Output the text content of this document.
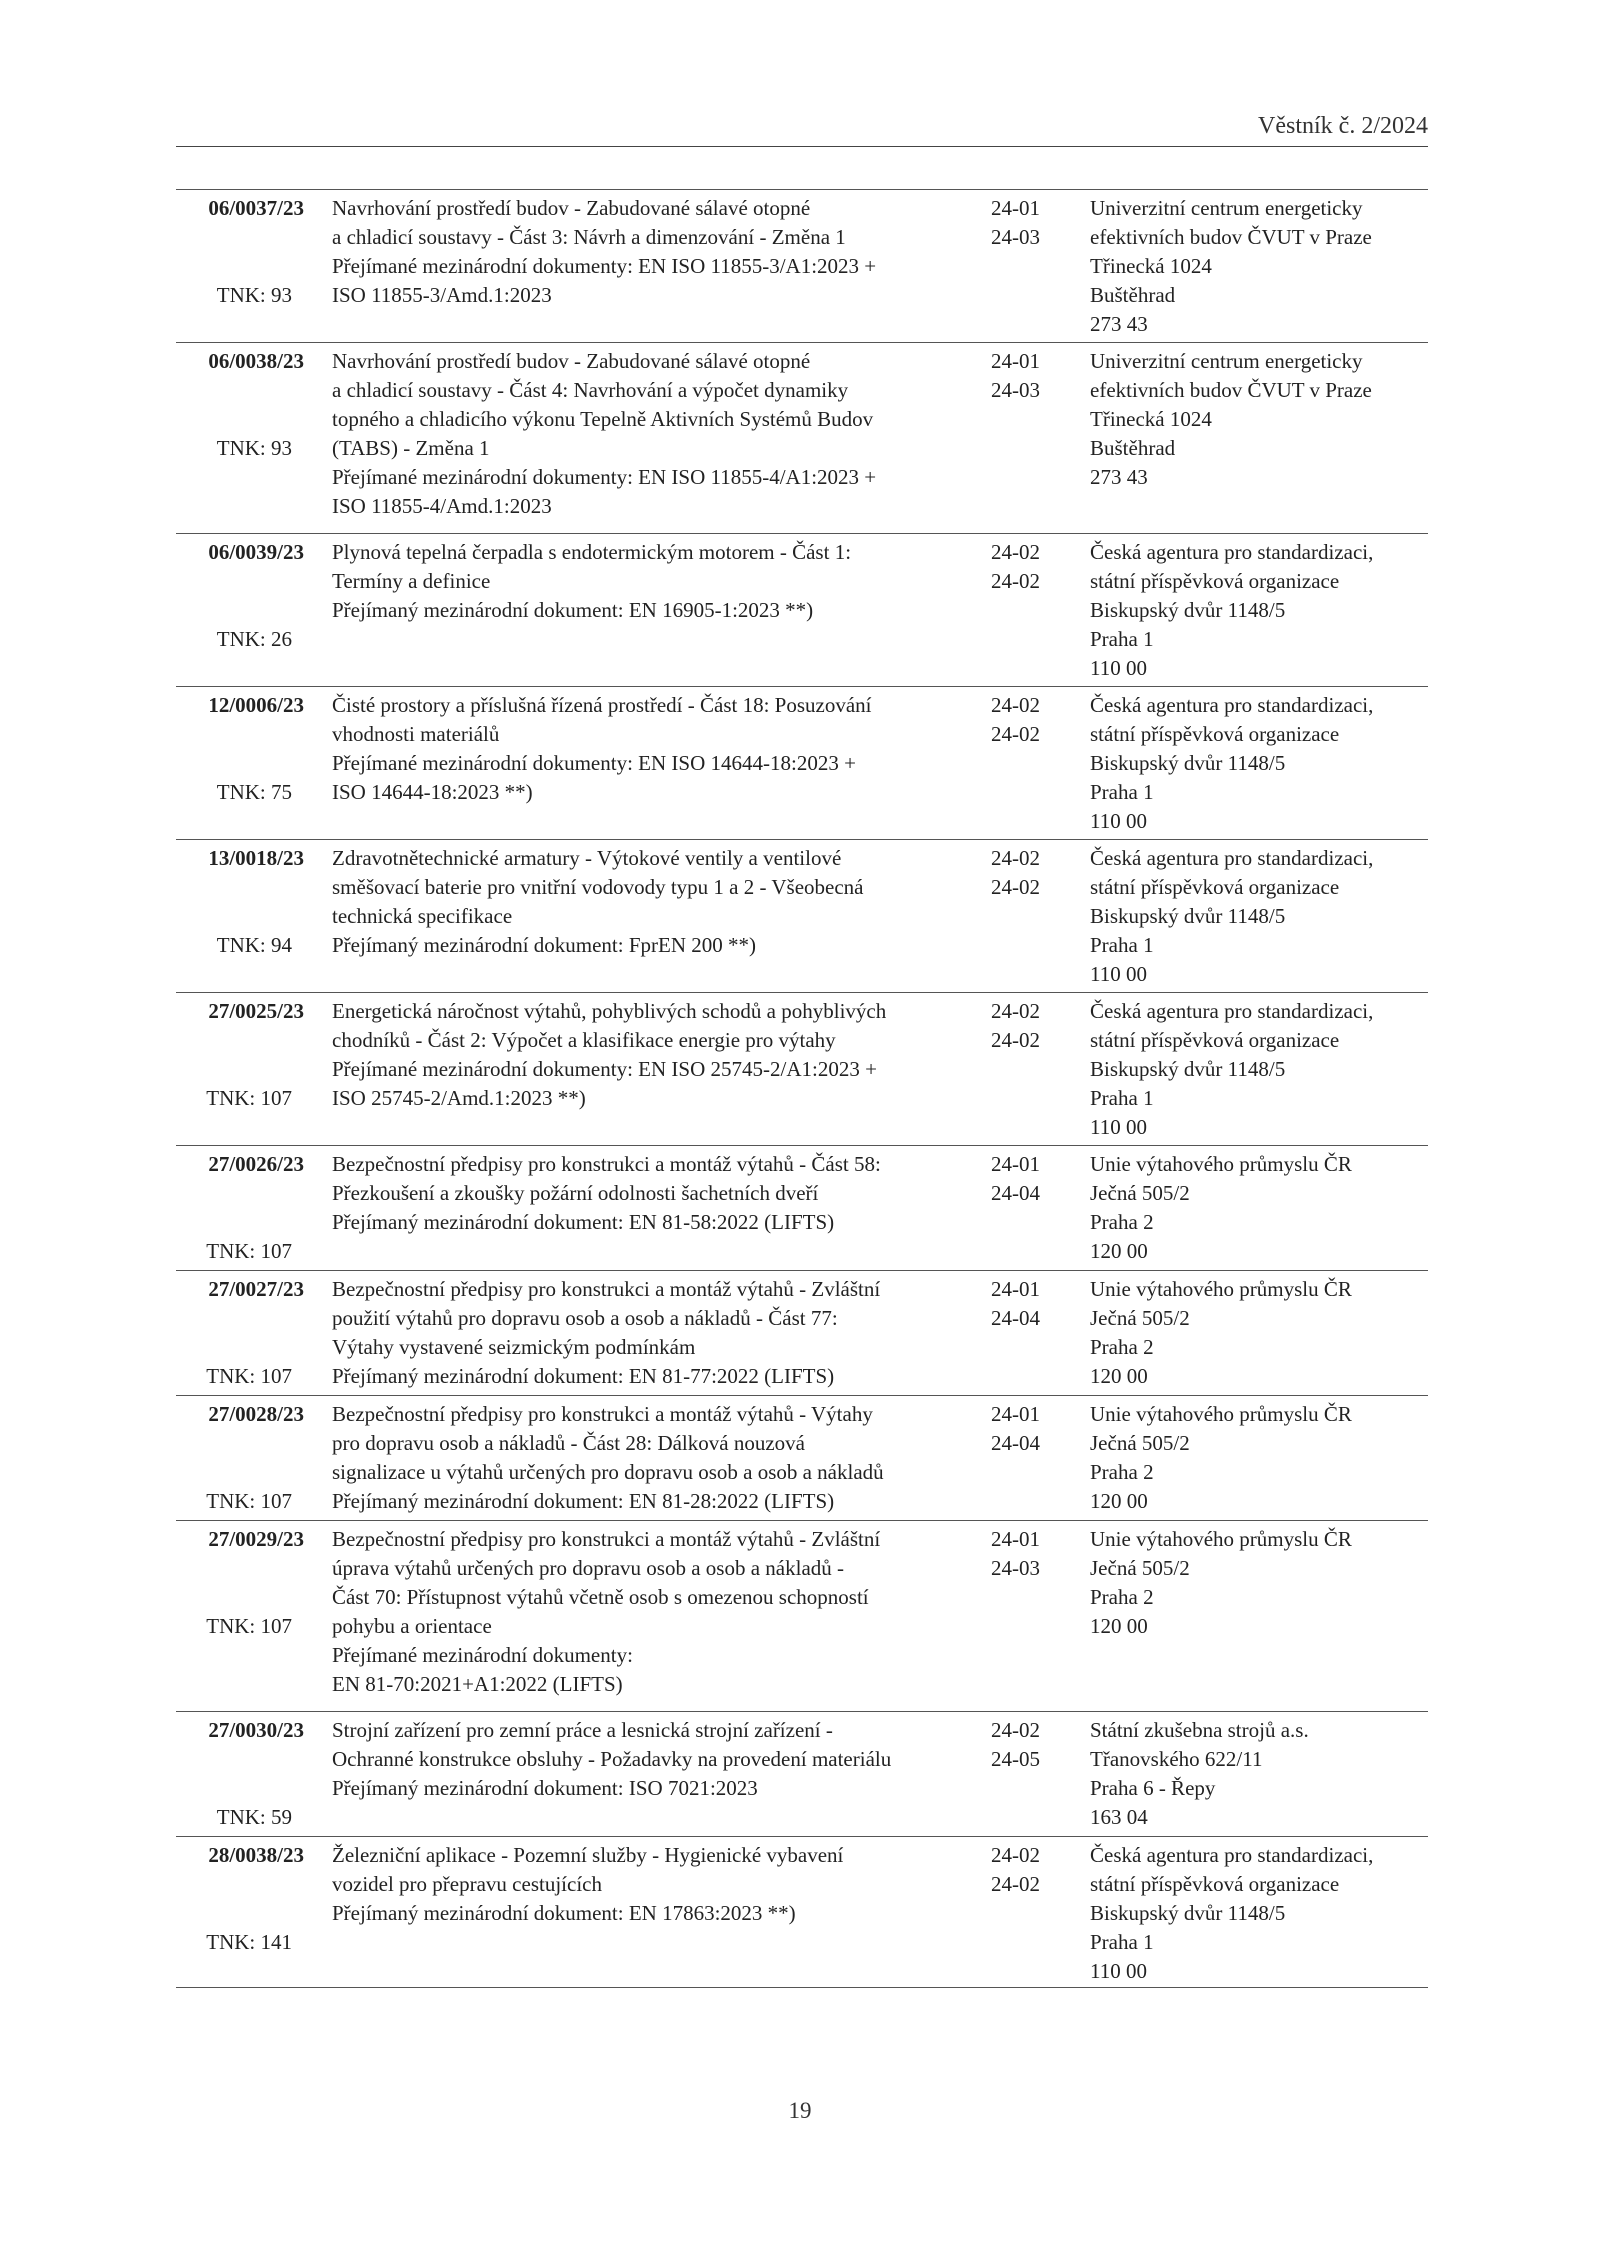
Věstník č. 2/2024
06/0037/23
TNK: 93
Navrhování prostředí budov - Zabudované sálavé otopné
a chladicí soustavy - Část 3: Návrh a dimenzování - Změna 1
Přejímané mezinárodní dokumenty: EN ISO 11855-3/A1:2023 +
ISO 11855-3/Amd.1:2023
24-01
24-03
Univerzitní centrum energeticky
efektivních budov ČVUT v Praze
Třinecká 1024
Buštěhrad
273 43
06/0038/23
TNK: 93
Navrhování prostředí budov - Zabudované sálavé otopné
a chladicí soustavy - Část 4: Navrhování a výpočet dynamiky
topného a chladicího výkonu Tepelně Aktivních Systémů Budov
(TABS) - Změna 1
Přejímané mezinárodní dokumenty: EN ISO 11855-4/A1:2023 +
ISO 11855-4/Amd.1:2023
24-01
24-03
Univerzitní centrum energeticky
efektivních budov ČVUT v Praze
Třinecká 1024
Buštěhrad
273 43
06/0039/23
TNK: 26
Plynová tepelná čerpadla s endotermickým motorem - Část 1:
Termíny a definice
Přejímaný mezinárodní dokument: EN 16905-1:2023 **)
24-02
24-02
Česká agentura pro standardizaci,
státní příspěvková organizace
Biskupský dvůr 1148/5
Praha 1
110 00
12/0006/23
TNK: 75
Čisté prostory a příslušná řízená prostředí - Část 18: Posuzování
vhodnosti materiálů
Přejímané mezinárodní dokumenty: EN ISO 14644-18:2023 +
ISO 14644-18:2023 **)
24-02
24-02
Česká agentura pro standardizaci,
státní příspěvková organizace
Biskupský dvůr 1148/5
Praha 1
110 00
13/0018/23
TNK: 94
Zdravotnětechnické armatury - Výtokové ventily a ventilové
směšovací baterie pro vnitřní vodovody typu 1 a 2 - Všeobecná
technická specifikace
Přejímaný mezinárodní dokument: FprEN 200 **)
24-02
24-02
Česká agentura pro standardizaci,
státní příspěvková organizace
Biskupský dvůr 1148/5
Praha 1
110 00
27/0025/23
TNK: 107
Energetická náročnost výtahů, pohyblivých schodů a pohyblivých
chodníků - Část 2: Výpočet a klasifikace energie pro výtahy
Přejímané mezinárodní dokumenty: EN ISO 25745-2/A1:2023 +
ISO 25745-2/Amd.1:2023 **)
24-02
24-02
Česká agentura pro standardizaci,
státní příspěvková organizace
Biskupský dvůr 1148/5
Praha 1
110 00
27/0026/23
TNK: 107
Bezpečnostní předpisy pro konstrukci a montáž výtahů - Část 58:
Přezkoušení a zkoušky požární odolnosti šachetních dveří
Přejímaný mezinárodní dokument: EN 81-58:2022 (LIFTS)
24-01
24-04
Unie výtahového průmyslu ČR
Ječná 505/2
Praha 2
120 00
27/0027/23
TNK: 107
Bezpečnostní předpisy pro konstrukci a montáž výtahů - Zvláštní
použití výtahů pro dopravu osob a osob a nákladů - Část 77:
Výtahy vystavené seizmickým podmínkám
Přejímaný mezinárodní dokument: EN 81-77:2022 (LIFTS)
24-01
24-04
Unie výtahového průmyslu ČR
Ječná 505/2
Praha 2
120 00
27/0028/23
TNK: 107
Bezpečnostní předpisy pro konstrukci a montáž výtahů - Výtahy
pro dopravu osob a nákladů - Část 28: Dálková nouzová
signalizace u výtahů určených pro dopravu osob a osob a nákladů
Přejímaný mezinárodní dokument: EN 81-28:2022 (LIFTS)
24-01
24-04
Unie výtahového průmyslu ČR
Ječná 505/2
Praha 2
120 00
27/0029/23
TNK: 107
Bezpečnostní předpisy pro konstrukci a montáž výtahů - Zvláštní
úprava výtahů určených pro dopravu osob a osob a nákladů -
Část 70: Přístupnost výtahů včetně osob s omezenou schopností
pohybu a orientace
Přejímané mezinárodní dokumenty:
EN 81-70:2021+A1:2022 (LIFTS)
24-01
24-03
Unie výtahového průmyslu ČR
Ječná 505/2
Praha 2
120 00
27/0030/23
TNK: 59
Strojní zařízení pro zemní práce a lesnická strojní zařízení -
Ochranné konstrukce obsluhy - Požadavky na provedení materiálu
Přejímaný mezinárodní dokument: ISO 7021:2023
24-02
24-05
Státní zkušebna strojů a.s.
Třanovského 622/11
Praha 6 - Řepy
163 04
28/0038/23
TNK: 141
Železniční aplikace - Pozemní služby - Hygienické vybavení
vozidel pro přepravu cestujících
Přejímaný mezinárodní dokument: EN 17863:2023 **)
24-02
24-02
Česká agentura pro standardizaci,
státní příspěvková organizace
Biskupský dvůr 1148/5
Praha 1
110 00
19
